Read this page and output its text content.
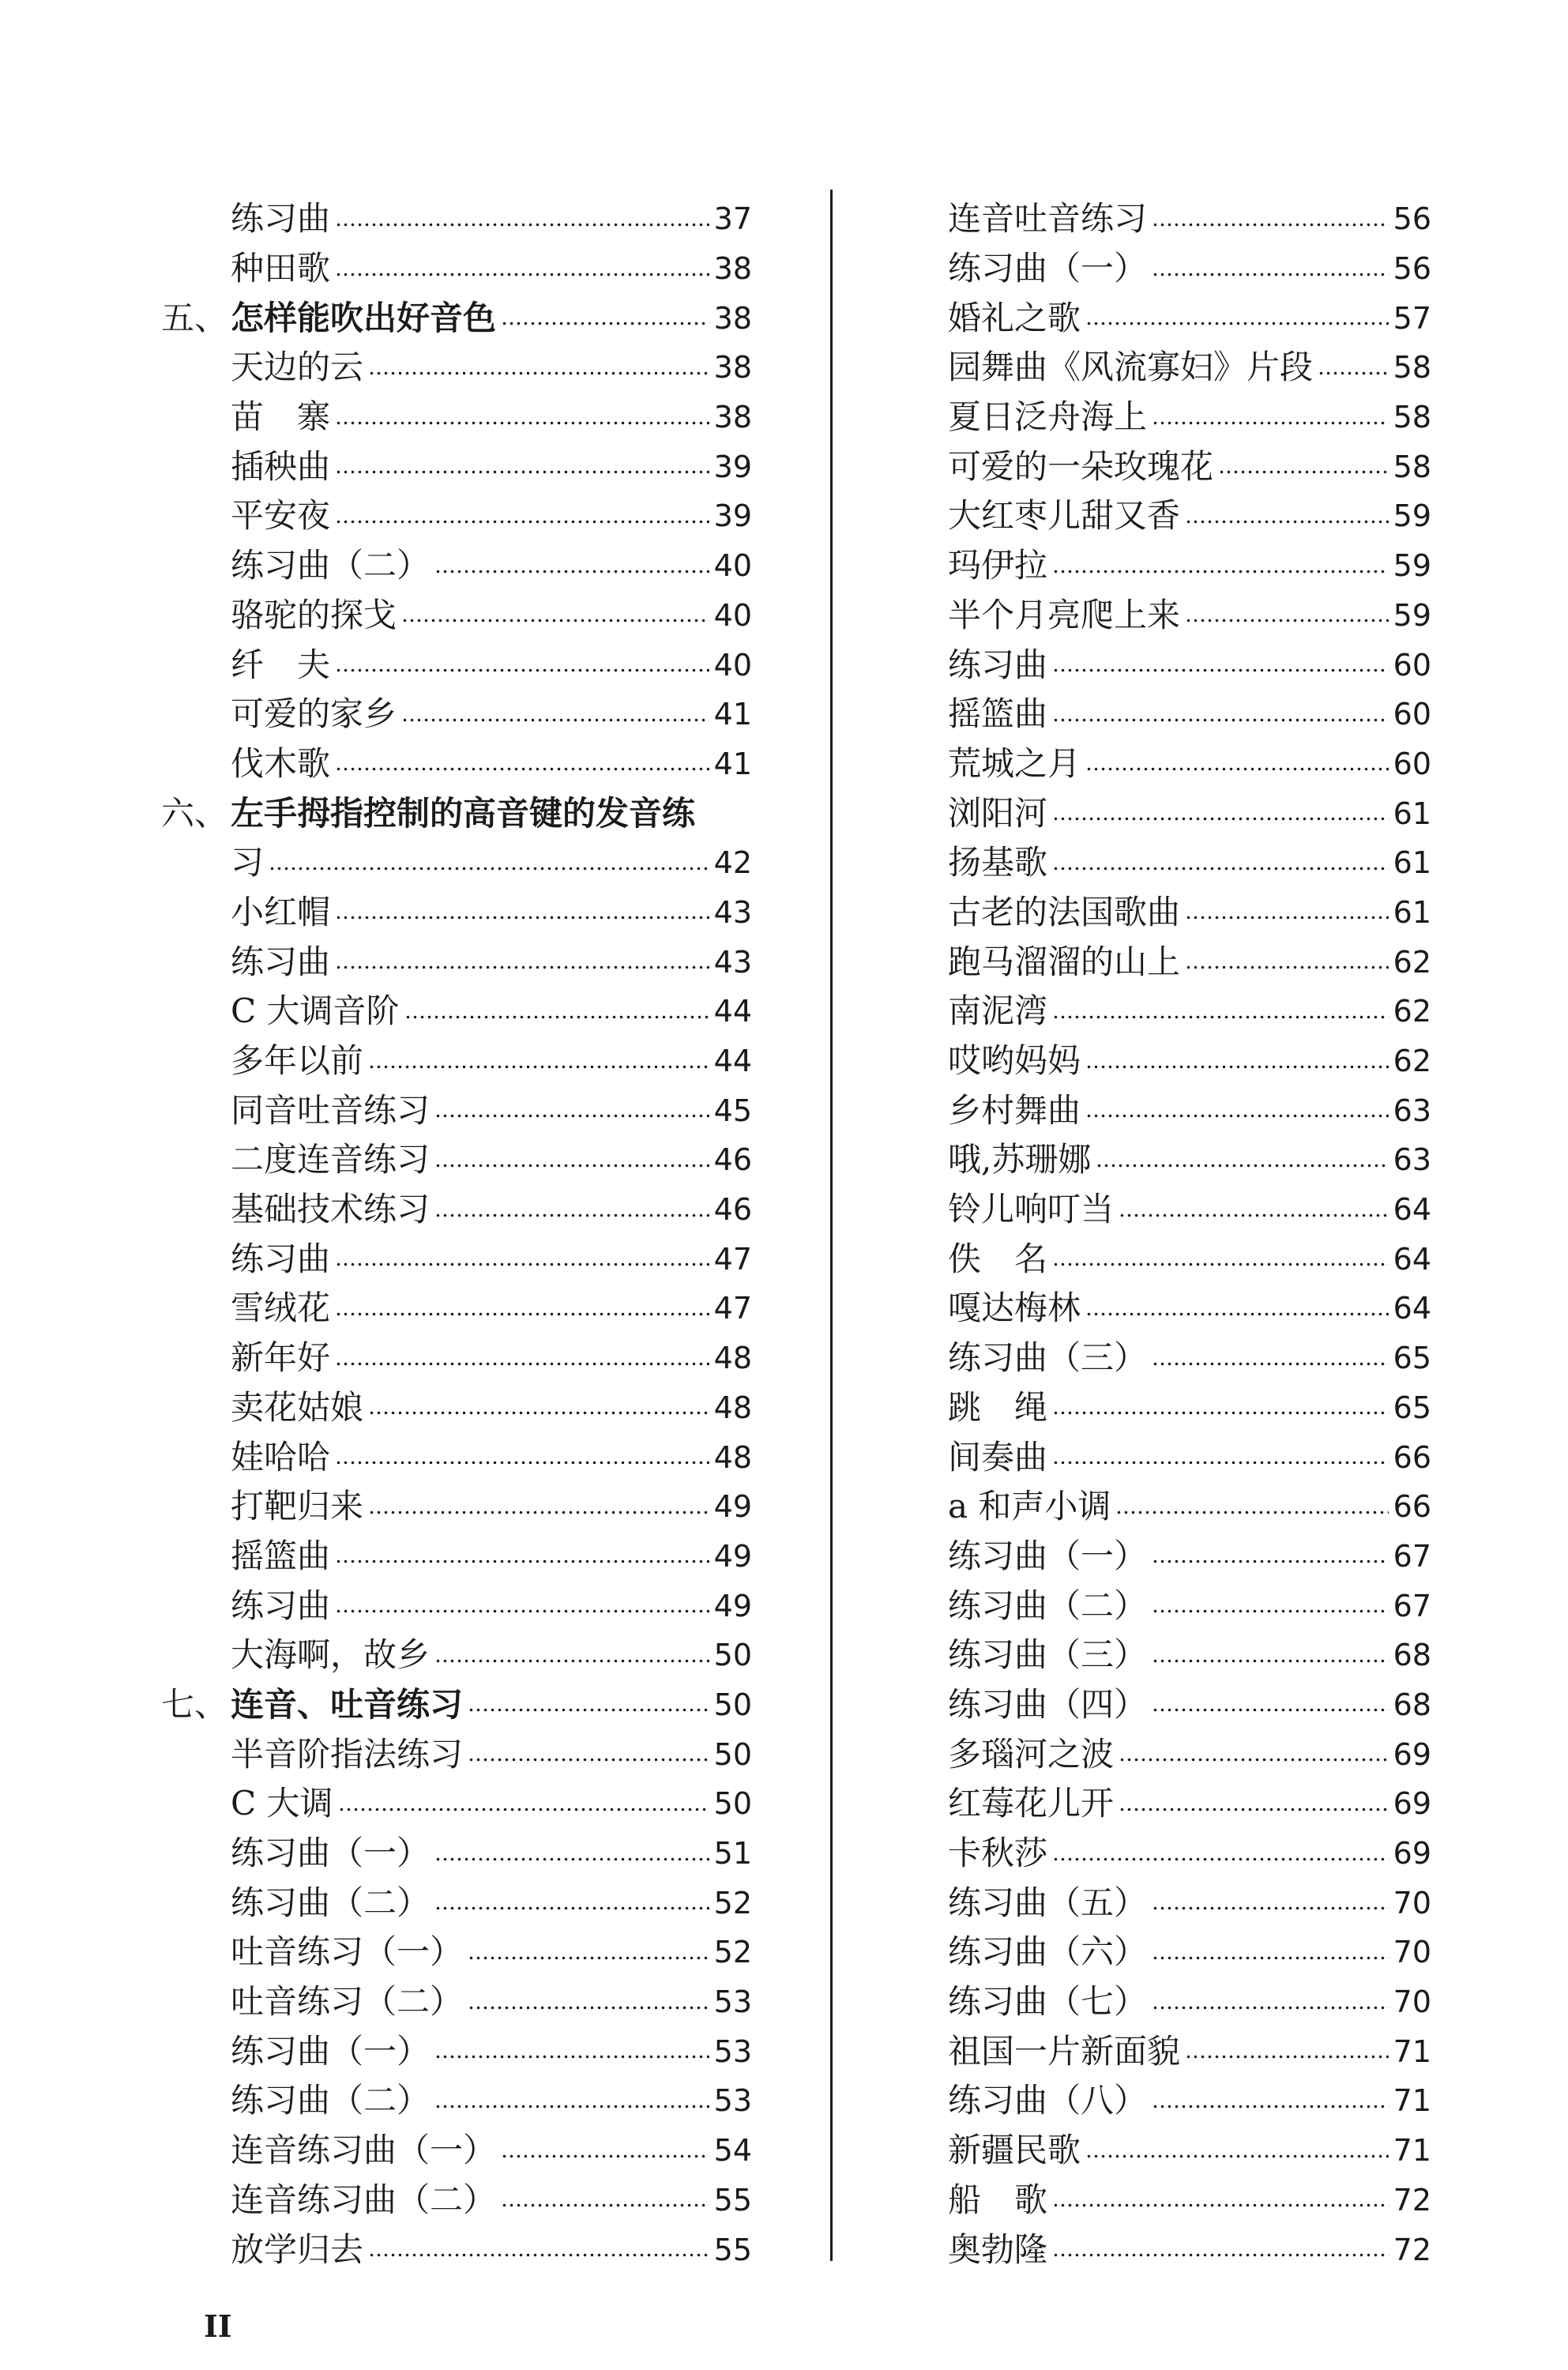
练习曲	37
种田歌	38
五、 怎样能吹出好音色	38
天边的云	38
苗　寨	38
插秧曲	39
平安夜	39
练习曲（二）	40
骆驼的探戈	40
纤　夫	40
可爱的家乡	41
伐木歌	41
六、 左手拇指控制的高音键的发音练
习	42
小红帽	43
练习曲	43
C 大调音阶	44
多年以前	44
同音吐音练习	45
二度连音练习	46
基础技术练习	46
练习曲	47
雪绒花	47
新年好	48
卖花姑娘	48
娃哈哈	48
打靶归来	49
摇篮曲	49
练习曲	49
大海啊，故乡	50
七、 连音、吐音练习	50
半音阶指法练习	50
C 大调	50
练习曲（一）	51
练习曲（二）	52
吐音练习（一）	52
吐音练习（二）	53
练习曲（一）	53
练习曲（二）	53
连音练习曲（一）	54
连音练习曲（二）	55
放学归去	55
连音吐音练习	56
练习曲（一）	56
婚礼之歌	57
园舞曲《风流寡妇》片段	58
夏日泛舟海上	58
可爱的一朵玫瑰花	58
大红枣儿甜又香	59
玛伊拉	59
半个月亮爬上来	59
练习曲	60
摇篮曲	60
荒城之月	60
浏阳河	61
扬基歌	61
古老的法国歌曲	61
跑马溜溜的山上	62
南泥湾	62
哎哟妈妈	62
乡村舞曲	63
哦,苏珊娜	63
铃儿响叮当	64
佚　名	64
嘎达梅林	64
练习曲（三）	65
跳　绳	65
间奏曲	66
a 和声小调	66
练习曲（一）	67
练习曲（二）	67
练习曲（三）	68
练习曲（四）	68
多瑙河之波	69
红莓花儿开	69
卡秋莎	69
练习曲（五）	70
练习曲（六）	70
练习曲（七）	70
祖国一片新面貌	71
练习曲（八）	71
新疆民歌	71
船　歌	72
奥勃隆	72
II
